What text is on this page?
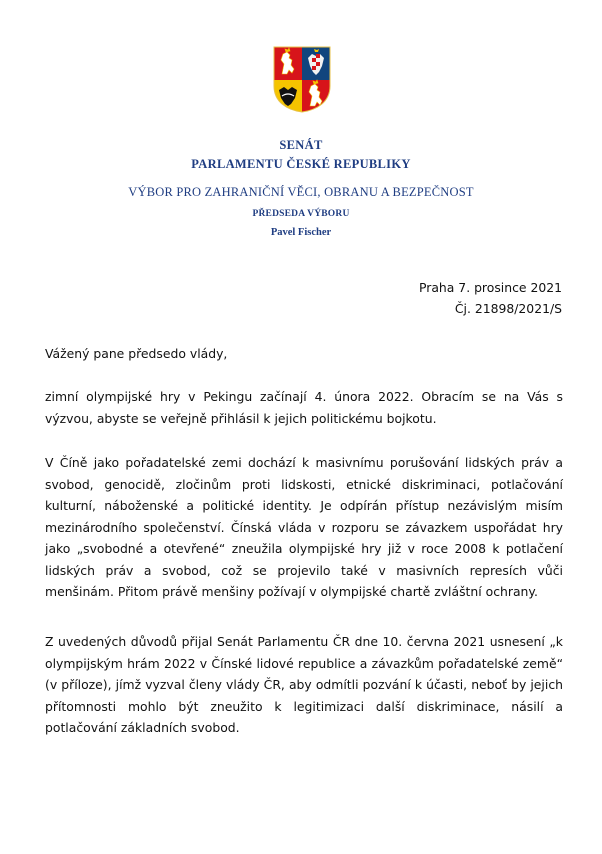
SENÁT
PARLAMENTU ČESKÉ REPUBLIKY
VÝBOR PRO ZAHRANIČNÍ VĚCI, OBRANU A BEZPEČNOST
PŘEDSEDA VÝBORU
Pavel Fischer
Praha 7. prosince 2021
Čj. 21898/2021/S
Vážený pane předsedo vlády,

zimní olympijské hry v Pekingu začínají 4. února 2022. Obracím se na Vás s výzvou, abyste se veřejně přihlásil k jejich politickému bojkotu.

V Číně jako pořadatelské zemi dochází k masivnímu porušování lidských práv a svobod, genocidě, zločinům proti lidskosti, etnické diskriminaci, potlačování kulturní, náboženské a politické identity. Je odpírán přístup nezávislým misím mezinárodního společenství. Čínská vláda v rozporu se závazkem uspořádat hry jako „svobodné a otevřené“ zneužila olympijské hry již v roce 2008 k potlačení lidských práv a svobod, což se projevilo také v masivních represích vůči menšinám. Přitom právě menšiny požívají v olympijské chartě zvláštní ochrany.

Z uvedených důvodů přijal Senát Parlamentu ČR dne 10. června 2021 usnesení „k olympijským hrám 2022 v Čínské lidové republice a závazkům pořadatelské země“ (v příloze), jímž vyzval členy vlády ČR, aby odmítli pozvání k účasti, neboť by jejich přítomnosti mohlo být zneužito k legitimizaci další diskriminace, násilí a potlačování základních svobod.
